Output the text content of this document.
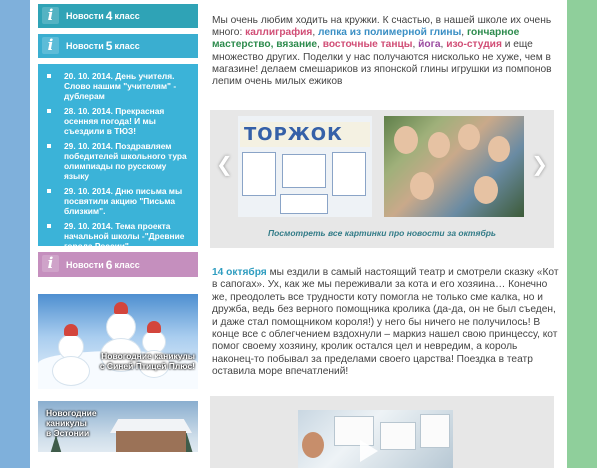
i	Новости 4 класс
i	Новости 5 класс
20. 10. 2014. День учителя. Слово нашим "учителям" - дублерам
28. 10. 2014. Прекрасная осенняя погода! И мы съездили в ТЮЗ!
29. 10. 2014. Поздравляем победителей школьного тура олимпиады по русскому языку
29. 10. 2014. Дню письма мы посвятили акцию "Письма близким".
29. 10. 2014. Тема проекта начальной школы -"Древние города России"
i	Новости 6 класс
Новогодние каникулы
с Синей Птицей Плюс!
Новогодние
каникулы
в Эстонии
Мы очень любим ходить на кружки. К счастью, в нашей школе их очень много: каллиграфия, лепка из полимерной глины, гончарное мастерство, вязание, восточные танцы, йога, изо-студия и еще множество других. Поделки у нас получаются нисколько не хуже, чем в магазине! делаем смешариков из японской глины игрушки из помпонов лепим очень милых ежиков
❮
ТОРЖОК
❯
Посмотреть все картинки про новости за октябрь
14 октября мы ездили в самый настоящий театр и смотрели сказку «Кот в сапогах». Ух, как же мы переживали за кота и его хозяина… Конечно же, преодолеть все трудности коту помогла не только сме калка, но и дружба, ведь без верного помощника кролика (да-да, он не был съеден, и даже стал помощником короля!) у него бы ничего не получилось! В конце все с облегчением вздохнули – маркиз нашел свою принцессу, кот помог своему хозяину, кролик остался цел и невредим, а король наконец-то побывал за пределами своего царства! Поездка в театр оставила море впечатлений!
